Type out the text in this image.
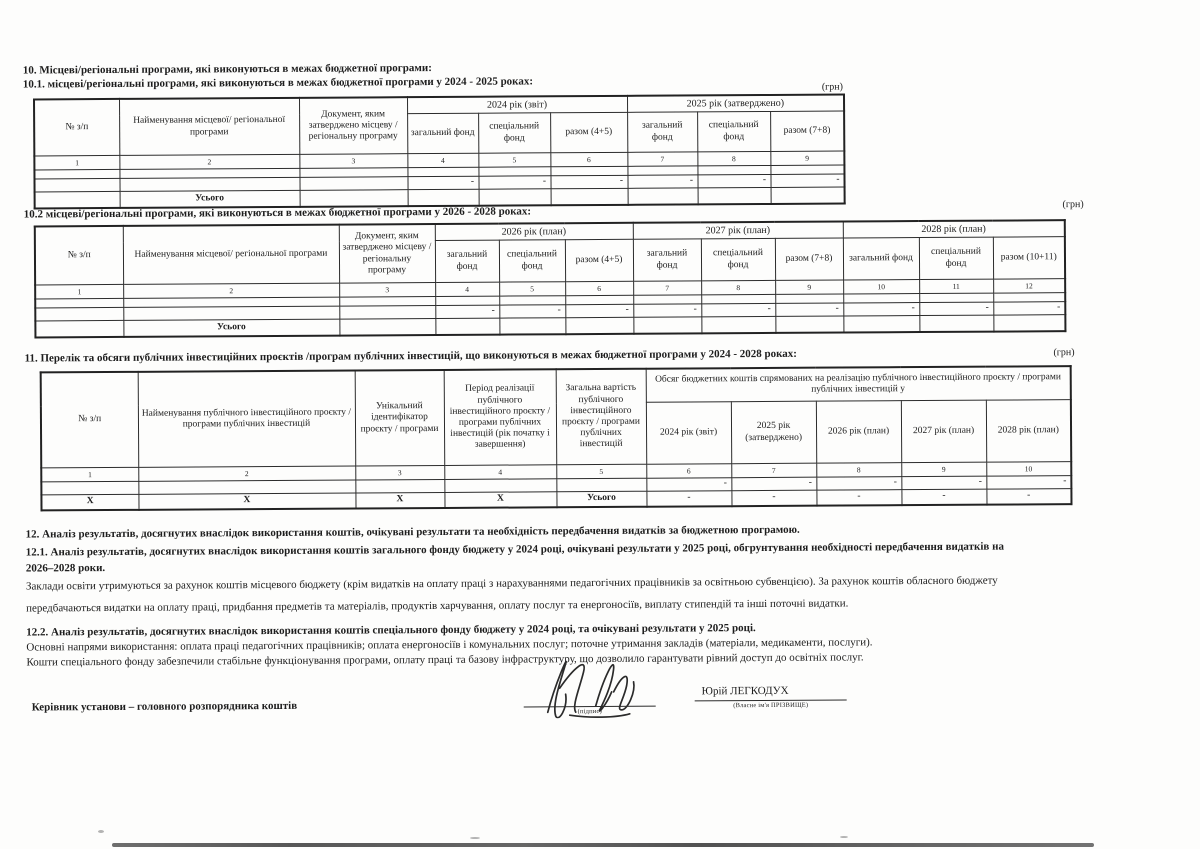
10. Місцеві/регіональні програми, які виконуються в межах бюджетної програми:
10.1. місцеві/регіональні програми, які виконуються в межах бюджетної програми у 2024 - 2025 роках:	(грн)
№ з/п	Найменування місцевої/ регіональної програми	Документ, яким затверджено місцеву / регіональну програму	2024 рік (звіт)			2025 рік (затверджено)		
			загальний фонд	спеціальний фонд	разом (4+5)	загальний фонд	спеціальний фонд	разом (7+8)
1	2	3	4	5	6	7	8	9

			-	-	-	-	-	-
	Усього							
10.2 місцеві/регіональні програми, які виконуються в межах бюджетної програми у 2026 - 2028 роках:
(грн)
№ з/п	Найменування місцевої/ регіональної програми	Документ, яким затверджено місцеву / регіональну програму	2026 рік (план)			2027 рік (план)			2028 рік (план)		
			загальний фонд	спеціальний фонд	разом (4+5)	загальний фонд	спеціальний фонд	разом (7+8)	загальний фонд	спеціальний фонд	разом (10+11)
1	2	3	4	5	6	7	8	9	10	11	12

			-	-	-	-	-	-	-	-	-
	Усього										
11. Перелік та обсяги публічних інвестиційних проєктів /програм публічних інвестицій, що виконуються в межах бюджетної програми у 2024 - 2028 роках:	(грн)
№ з/п	Найменування публічного інвестиційного проєкту / програми публічних інвестицій	Унікальний ідентифікатор проєкту / програми	Період реалізації публічного інвестиційного проєкту / програми публічних інвестицій (рік початку і завершення)	Загальна вартість публічного інвестиційного проєкту / програми публічних інвестицій	Обсяг бюджетних коштів спрямованих на реалізацію публічного інвестиційного проєкту / програми публічних інвестицій у				
					2024 рік (звіт)	2025 рік (затверджено)	2026 рік (план)	2027 рік (план)	2028 рік (план)
1	2	3	4	5	6	7	8	9	10
					-	-	-	-	-
X	X	X	X	Усього	-	-	-	-	-
12. Аналіз результатів, досягнутих внаслідок використання коштів, очікувані результати та необхідність передбачення видатків за бюджетною програмою.
12.1. Аналіз результатів, досягнутих внаслідок використання коштів загального фонду бюджету у 2024 році, очікувані результати у 2025 році, обгрунтування необхідності передбачення видатків на
2026–2028 роки.
Заклади освіти утримуються за рахунок коштів місцевого бюджету (крім видатків на оплату праці з нарахуваннями педагогічних працівників за освітньою субвенцією). За рахунок коштів обласного бюджету
передбачаються видатки на оплату праці, придбання предметів та матеріалів, продуктів харчування, оплату послуг та енергоносіїв, виплату стипендій та інші поточні видатки.
12.2. Аналіз результатів, досягнутих внаслідок використання коштів спеціального фонду бюджету у 2024 році, та очікувані результати у 2025 році.
Основні напрями використання: оплата праці педагогічних працівників; оплата енергоносіїв і комунальних послуг; поточне утримання закладів (матеріали, медикаменти, послуги).
Кошти спеціального фонду забезпечили стабільне функціонування програми, оплату праці та базову інфраструктуру, що дозволило гарантувати рівний доступ до освітніх послуг.
Керівник установи – головного розпорядника коштів	(підпис)
Юрій ЛЕГКОДУХ
(Власне ім'я ПРІЗВИЩЕ)
